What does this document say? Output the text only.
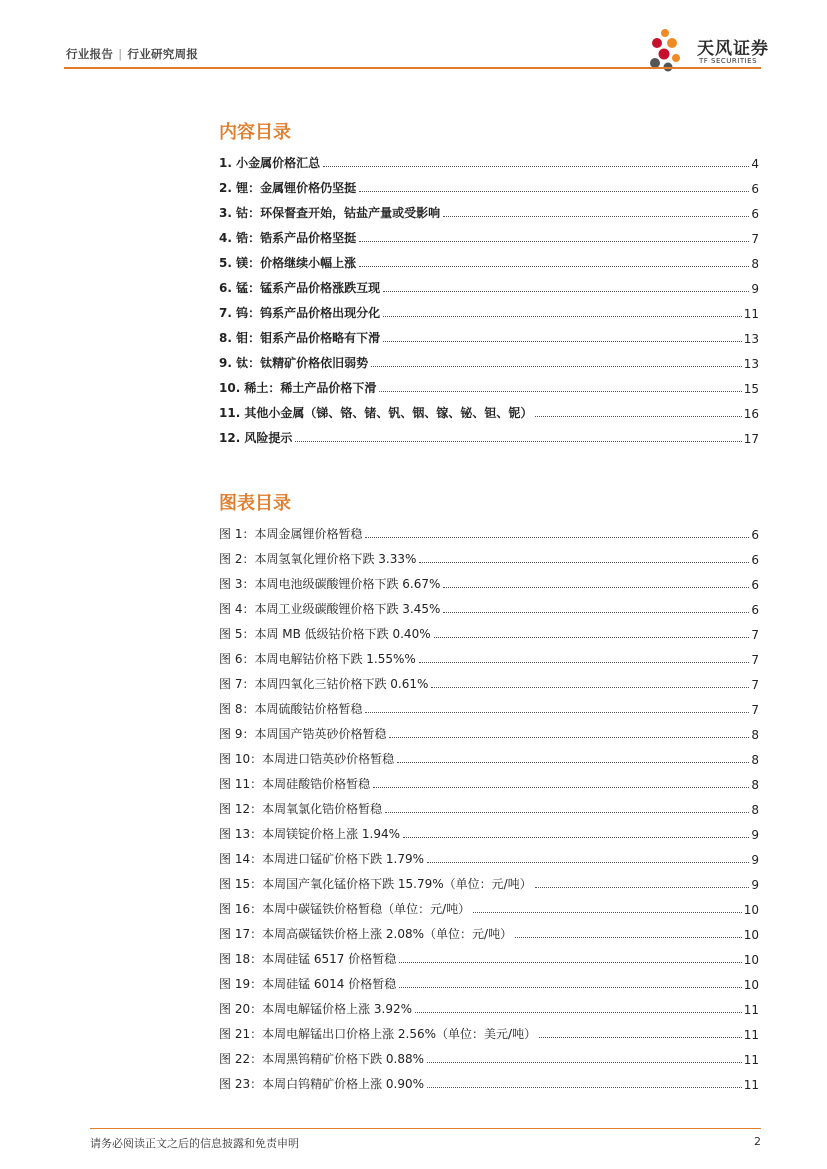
行业报告 | 行业研究周报	天风证券
TF SECURITIES
内容目录
1. 小金属价格汇总	4
2. 锂：金属锂价格仍坚挺	6
3. 钴：环保督查开始，钴盐产量或受影响	6
4. 锆：锆系产品价格坚挺	7
5. 镁：价格继续小幅上涨	8
6. 锰：锰系产品价格涨跌互现	9
7. 钨：钨系产品价格出现分化	11
8. 钼：钼系产品价格略有下滑	13
9. 钛：钛精矿价格依旧弱势	13
10. 稀土：稀土产品价格下滑	15
11. 其他小金属（锑、铬、锗、钒、铟、镓、铋、钽、铌）	16
12. 风险提示	17
图表目录
图 1：本周金属锂价格暂稳	6
图 2：本周氢氧化锂价格下跌 3.33%	6
图 3：本周电池级碳酸锂价格下跌 6.67%	6
图 4：本周工业级碳酸锂价格下跌 3.45%	6
图 5：本周 MB 低级钴价格下跌 0.40%	7
图 6：本周电解钴价格下跌 1.55%%	7
图 7：本周四氧化三钴价格下跌 0.61%	7
图 8：本周硫酸钴价格暂稳	7
图 9：本周国产锆英砂价格暂稳	8
图 10：本周进口锆英砂价格暂稳	8
图 11：本周硅酸锆价格暂稳	8
图 12：本周氧氯化锆价格暂稳	8
图 13：本周镁锭价格上涨 1.94%	9
图 14：本周进口锰矿价格下跌 1.79%	9
图 15：本周国产氧化锰价格下跌 15.79%（单位：元/吨）	9
图 16：本周中碳锰铁价格暂稳（单位：元/吨）	10
图 17：本周高碳锰铁价格上涨 2.08%（单位：元/吨）	10
图 18：本周硅锰 6517 价格暂稳	10
图 19：本周硅锰 6014 价格暂稳	10
图 20：本周电解锰价格上涨 3.92%	11
图 21：本周电解锰出口价格上涨 2.56%（单位：美元/吨）	11
图 22：本周黑钨精矿价格下跌 0.88%	11
图 23：本周白钨精矿价格上涨 0.90%	11
请务必阅读正文之后的信息披露和免责申明	2
